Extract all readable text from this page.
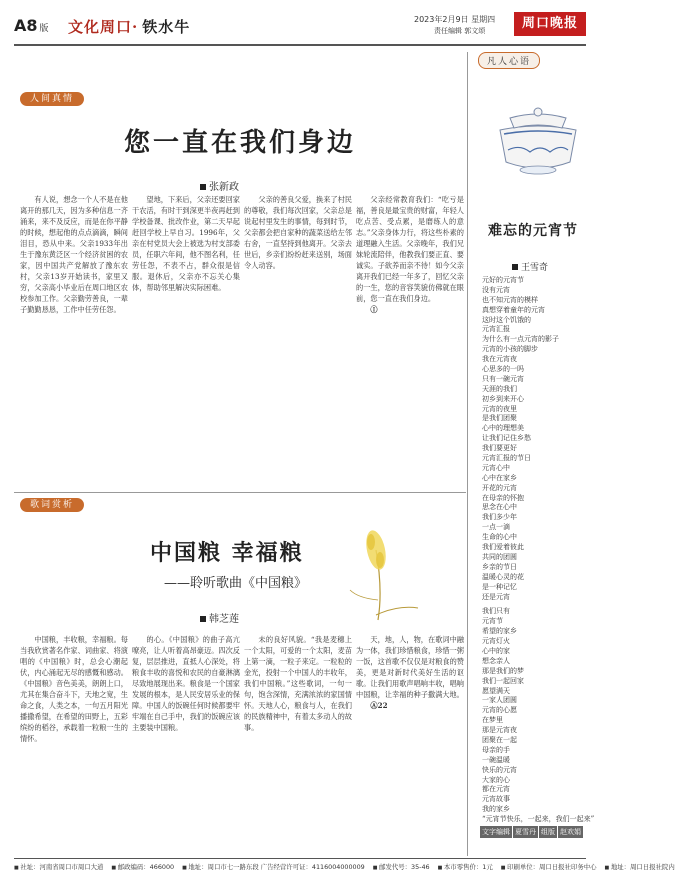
A8 版 文化周口· 铁水牛	2023年2月9日 星期四
责任编辑 郭文颂	周口晚报
人间真情
您一直在我们身边
张新政

有人说，想念一个人不是在他离开的那几天，因为多种信息一齐涌来，来不及反应，而是在你平静的时候，想起他的点点滴滴，瞬间泪目，恐从中来。父亲1933年出生于豫东黄泛区一个经济贫困的农家，因中国共产党解放了豫东农村，父亲13岁开始读书，家里又穷，父亲高小毕业后在周口地区农校参加工作。父亲勤劳善良，一辈子勤勤恳恳，工作中任劳任怨。

望地，下来后，父亲还要回家干农活，有时干到深更半夜再赶到学校备课、批改作业，第二天早起赶回学校上早自习。1996年，父亲在村党员大会上被选为村支部委员，任职六年间，他不图名利，任劳任怨，不表不占，群众很是信服。退休后，父亲亦不忘关心集体，帮助邻里解决实际困难。

父亲的善良父爱，换来了村民的尊敬，我们每次回家，父亲总是说起村里发生的事情，每到时节，父亲都会把自家种的蔬菜送给左邻右舍，一直坚持到他离开。父亲去世后，乡亲们纷纷赶来送别，场面令人动容。

父亲经常教育我们：“吃亏是福，善良是最宝贵的财富，年轻人吃点苦、受点累，是磨练人的意志。”父亲身体力行，将这些朴素的道理融入生活。父亲晚年，我们兄妹轮流陪伴，他教我们要正直、要诚实。子欲养而亲不待！如今父亲离开我们已经一年多了，回忆父亲的一生，您的音容笑貌仿佛就在眼前，您一直在我们身边。

Ⓘ

歌词赏析
中国粮 幸福粮
——聆听歌曲《中国粮》
韩芝莲

中国粮，丰收粮，幸福粮。每当我欣赏著名作家、词曲家、将演唱的《中国粮》时，总会心潮起伏，内心涌起无尽的感慨和感动。《中国粮》音色美美，朗朗上口，尤其在集合奋斗下，天地之宽，生命之食，人类之本，一句五月阳光播撒希望，在希望的田野上，五彩缤纷的稻谷，承载着一粒粮一生的情怀。

的心。《中国粮》的曲子高亢嘹亮，让人听着高昂豪迈。四次反复，层层推进，直抵人心深处，将粮食丰收的喜悦和农民的自豪淋漓尽致地展现出来。粮食是一个国家发展的根本，是人民安居乐业的保障。中国人的饭碗任何时候都要牢牢端在自己手中，我们的饭碗应该主要装中国粮。

未的良好风貌。“我是麦穗上一个太阳，可爱的一个太阳，麦苗上第一滴，一粒子来定。一粒粒的金光，投射一个中国人的丰收年，我们中国粮。”这些歌词，一句一句，饱含深情，充满浓浓的家国情怀。天地人心，粮食与人，在我们的民族精神中，有着太多动人的故事。

天，地，人，物，在歌词中融为一体，我们珍惜粮食，珍惜一粥一饭，这首歌不仅仅是对粮食的赞美，更是对新时代美好生活的讴歌。让我们用歌声唱响丰收，唱响中国粮，让幸福的种子撒满大地。

Ⓐ22

凡人心语
难忘的元宵节
王雪奇
元好的元宵节
没有元宵
也不知元宵的模样
真想穿着童年的元宵
这时这个饥饿的
元宵汇报
为什么有一点元宵的影子
元宵的小孩的脚步
我在元宵夜
心思多的一吗
只有一碗元宵
天涯的我们
初乡到来开心
元宵的夜里
是我们团聚
心中的理想美
让我们记住乡愁
我们要更好
元宵汇报的节日
元宵心中
心中在家乡
开花的元宵
在母亲的怀抱
思念在心中
我们多少年
一点一滴
生命的心中
我们爱着彼此
共同的团圆
乡亲的节日
温暖心灵的花
是一种记忆
还是元宵
我们只有
元宵节
希望的家乡
元宵灯火
心中的家
想念亲人
那是我们的梦
我们一起回家
愿望满天
一家人团圆
元宵的心愿
在梦里
那是元宵夜
团聚在一起
母亲的手
一碗温暖
快乐的元宵
大家的心
都在元宵
元宵故事
我的家乡
“元宵节快乐，一起来，我们一起来”
文字编辑 夏雪丹 组版 赵欢娟
■ 社址：河南省周口市周口大道	■ 邮政编码：466000	■ 地址：周口市七一路东段 广告经营许可证：4116004000009	■ 邮发代号：35-46	■ 本市零售价：1元	■ 印刷单位：周口日报社印务中心	■ 地址：周口日报社院内
